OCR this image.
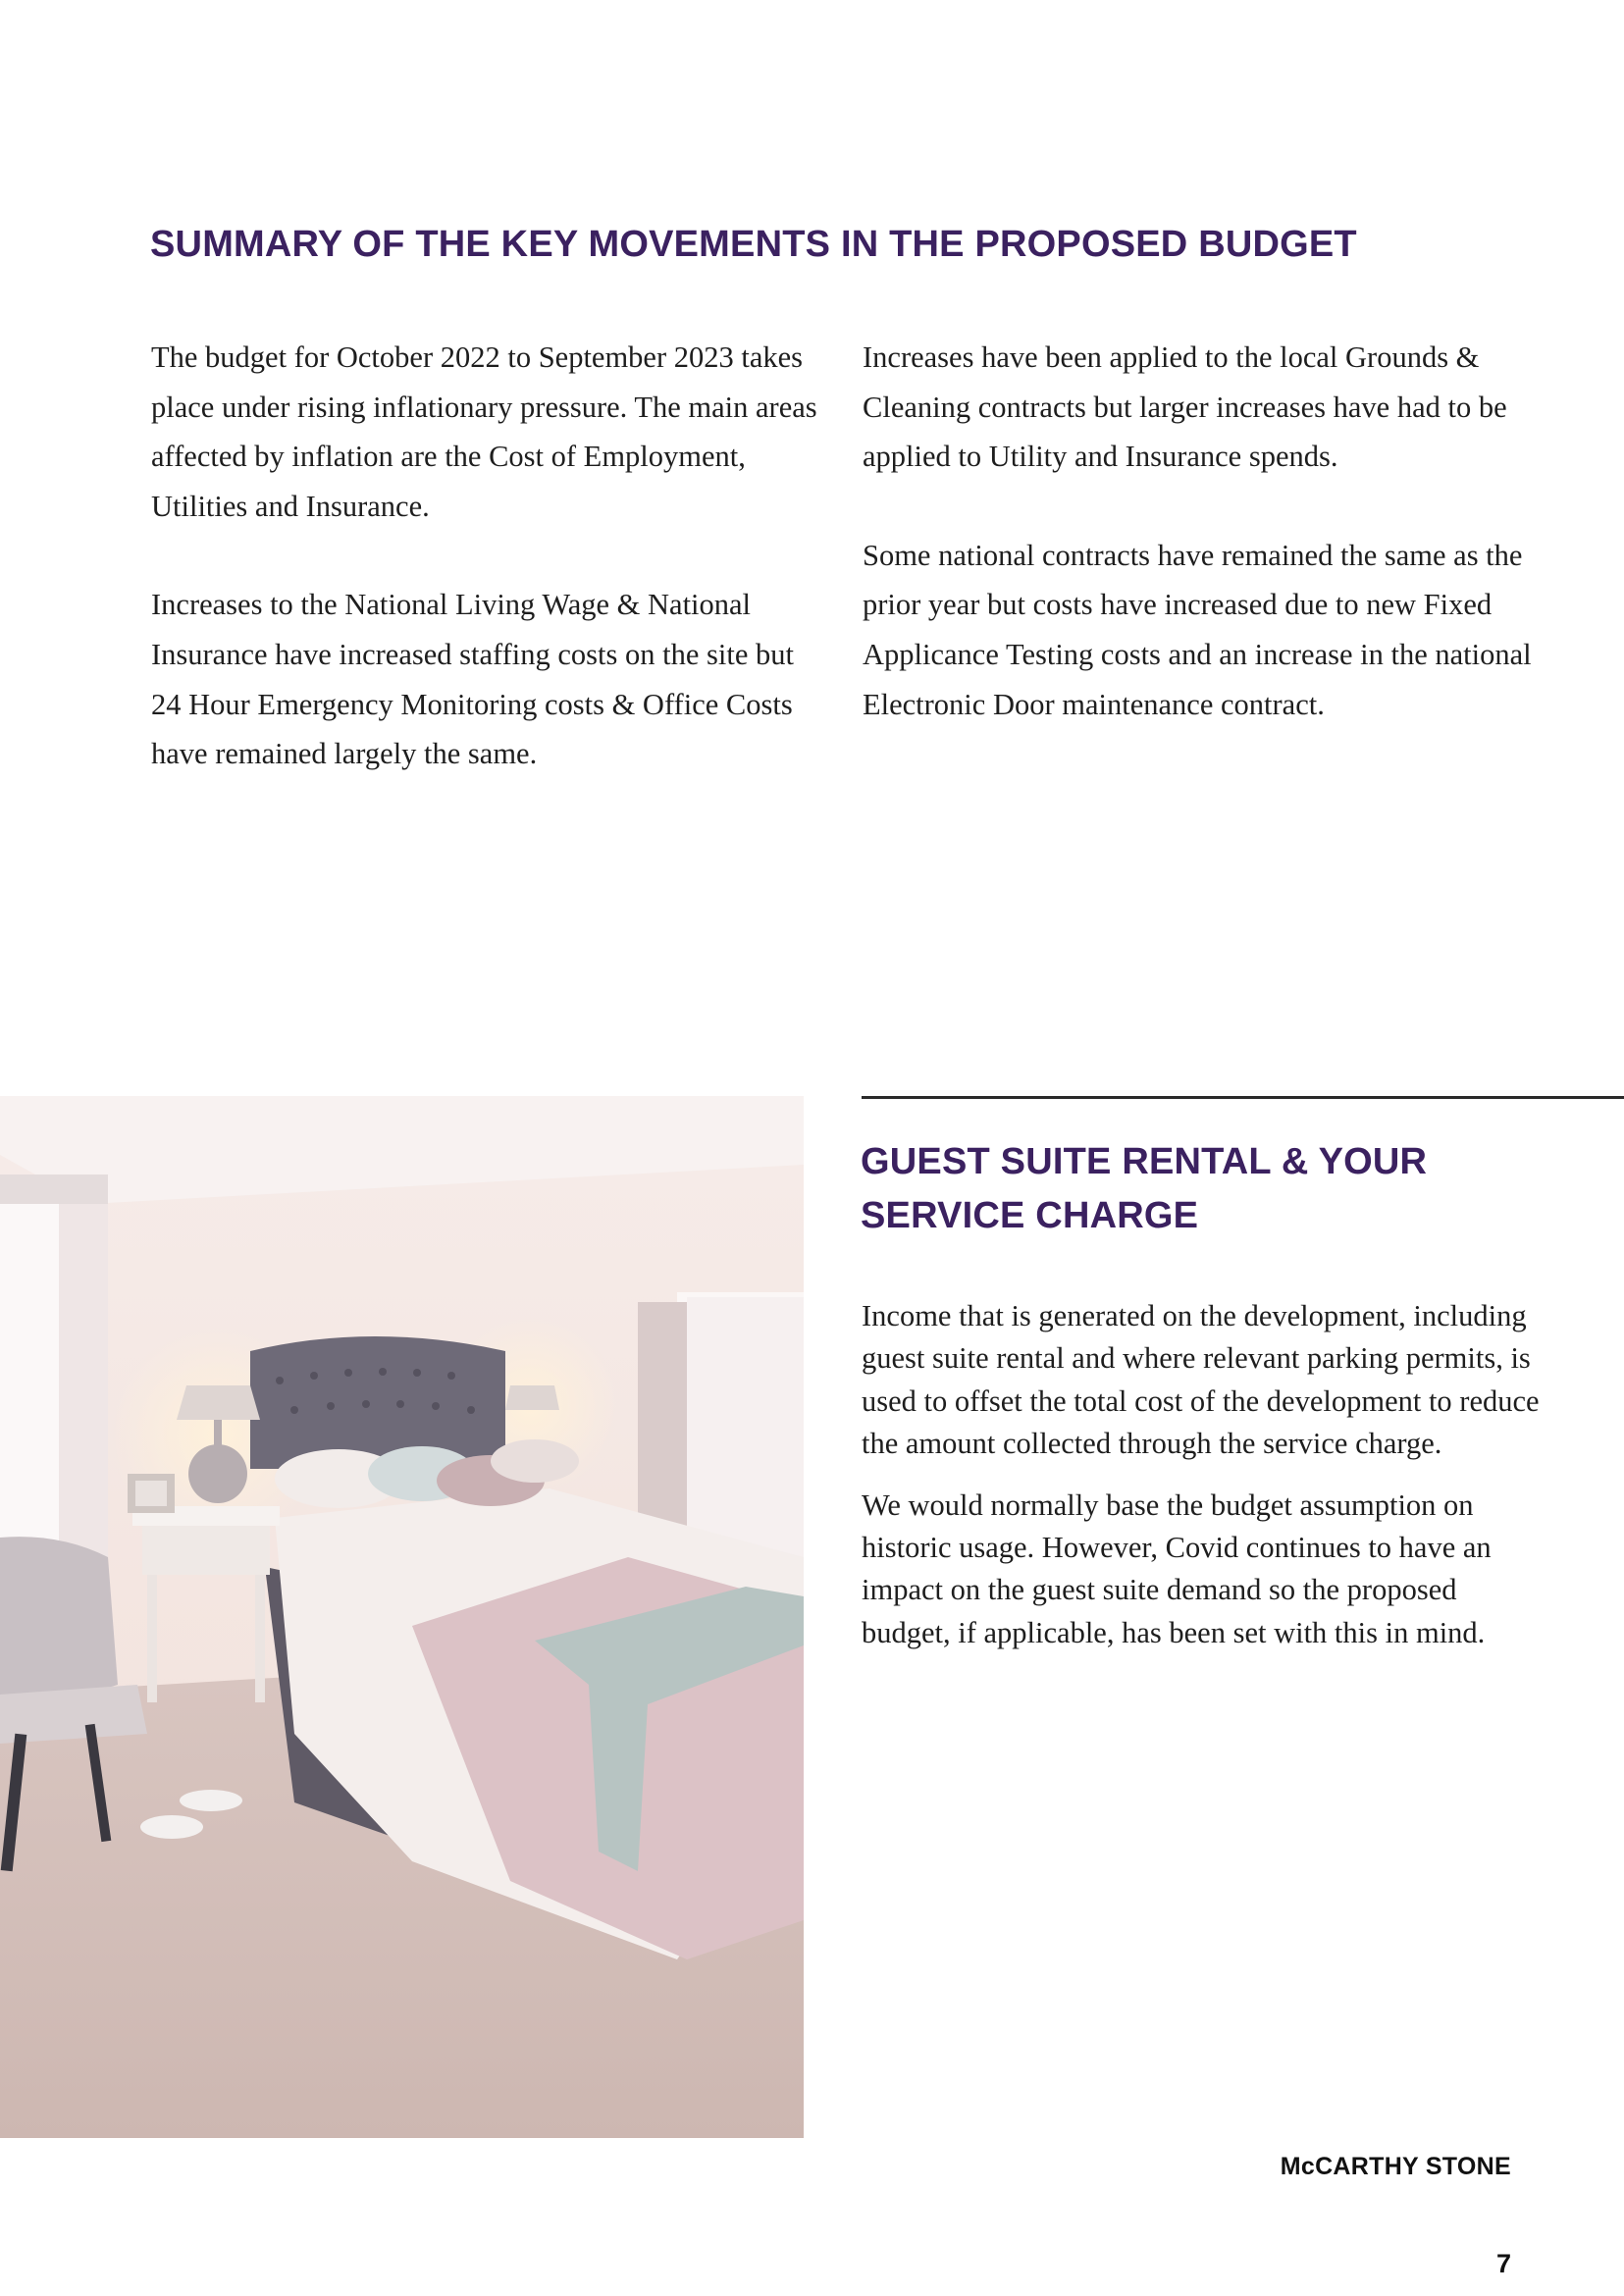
SUMMARY OF THE KEY MOVEMENTS IN THE PROPOSED BUDGET

The budget for October 2022 to September 2023 takes place under rising inflationary pressure. The main areas affected by inflation are the Cost of Employment, Utilities and Insurance.

Increases to the National Living Wage & National Insurance have increased staffing costs on the site but 24 Hour Emergency Monitoring costs & Office Costs have remained largely the same.

Increases have been applied to the local Grounds & Cleaning contracts but larger increases have had to be applied to Utility and Insurance spends.

Some national contracts have remained the same as the prior year but costs have increased due to new Fixed Applicance Testing costs and an increase in the national Electronic Door maintenance contract.

GUEST SUITE RENTAL & YOUR SERVICE CHARGE

Income that is generated on the development, including guest suite rental and where relevant parking permits, is used to offset the total cost of the development to reduce the amount collected through the service charge.

We would normally base the budget assumption on historic usage. However, Covid continues to have an impact on the guest suite demand so the proposed budget, if applicable, has been set with this in mind.

McCARTHY STONE
7
